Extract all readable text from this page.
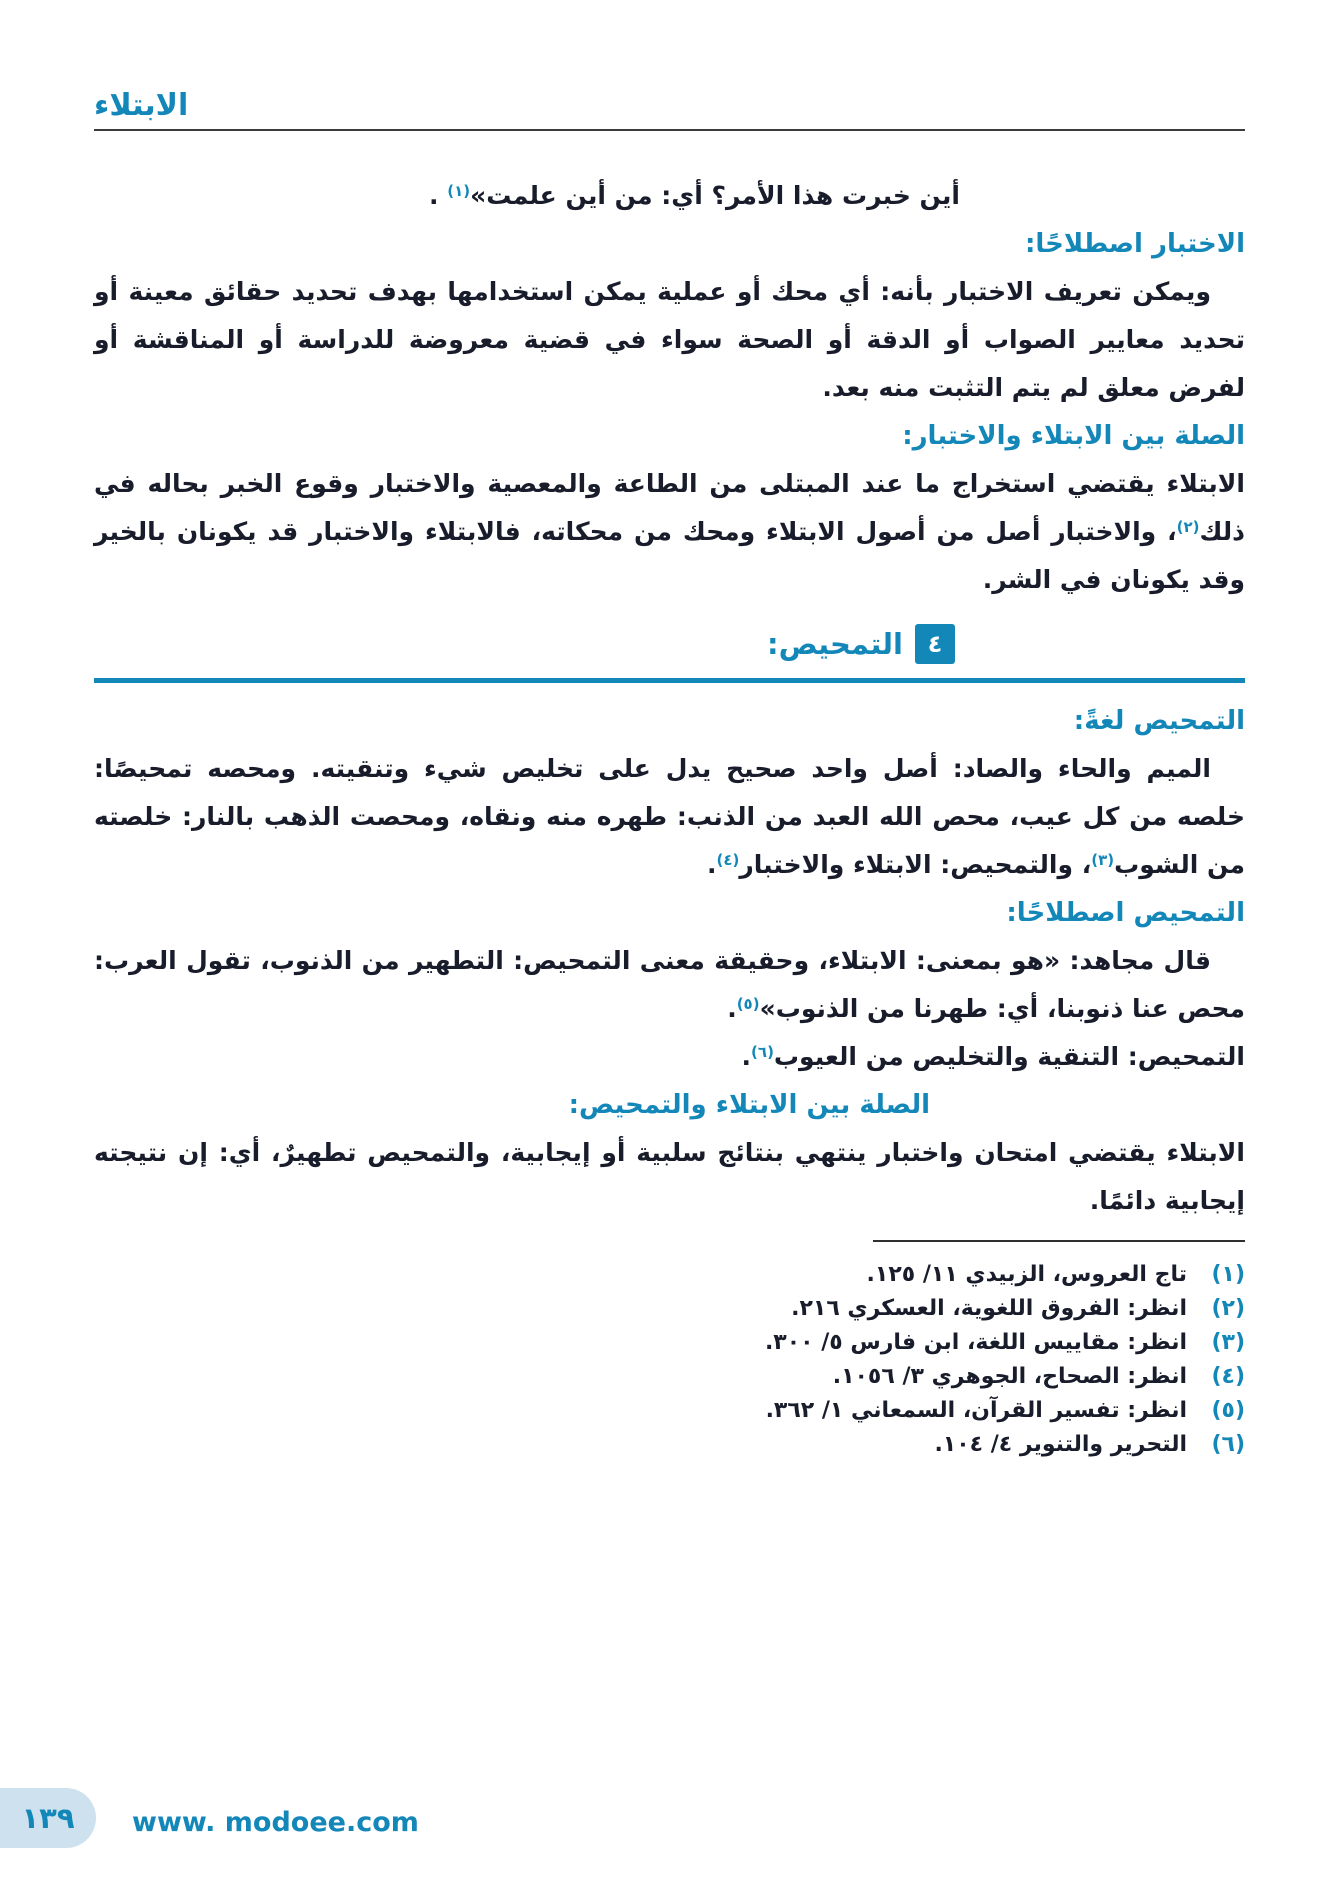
الابتلاء

أين خبرت هذا الأمر؟ أي: من أين علمت»$^{(١)}$ .

الاختبار اصطلاحًا:

ويمكن تعريف الاختبار بأنه: أي محك أو عملية يمكن استخدامها بهدف تحديد حقائق معينة أو تحديد معايير الصواب أو الدقة أو الصحة سواء في قضية معروضة للدراسة أو المناقشة أو لفرض معلق لم يتم التثبت منه بعد.

الصلة بين الابتلاء والاختبار:

الابتلاء يقتضي استخراج ما عند المبتلى من الطاعة والمعصية والاختبار وقوع الخبر بحاله في ذلك$^{(٢)}$، والاختبار أصل من أصول الابتلاء ومحك من محكاته، فالابتلاء والاختبار قد يكونان بالخير وقد يكونان في الشر.

٤
التمحيص:

التمحيص لغةً:

الميم والحاء والصاد: أصل واحد صحيح يدل على تخليص شيء وتنقيته. ومحصه تمحيصًا: خلصه من كل عيب، محص الله العبد من الذنب: طهره منه ونقاه، ومحصت الذهب بالنار: خلصته من الشوب$^{(٣)}$، والتمحيص: الابتلاء والاختبار$^{(٤)}$.

التمحيص اصطلاحًا:

قال مجاهد: «هو بمعنى: الابتلاء، وحقيقة معنى التمحيص: التطهير من الذنوب، تقول العرب: محص عنا ذنوبنا، أي: طهرنا من الذنوب»$^{(٥)}$.

التمحيص: التنقية والتخليص من العيوب$^{(٦)}$.

الصلة بين الابتلاء والتمحيص:

الابتلاء يقتضي امتحان واختبار ينتهي بنتائج سلبية أو إيجابية، والتمحيص تطهيرٌ، أي: إن نتيجته إيجابية دائمًا.

(١)
تاج العروس، الزبيدي ١١/ ١٢٥.
(٢)
انظر: الفروق اللغوية، العسكري ٢١٦.
(٣)
انظر: مقاييس اللغة، ابن فارس ٥/ ٣٠٠.
(٤)
انظر: الصحاح، الجوهري ٣/ ١٠٥٦.
(٥)
انظر: تفسير القرآن، السمعاني ١/ ٣٦٢.
(٦)
التحرير والتنوير ٤/ ١٠٤.
١٣٩ www. modoee.com
